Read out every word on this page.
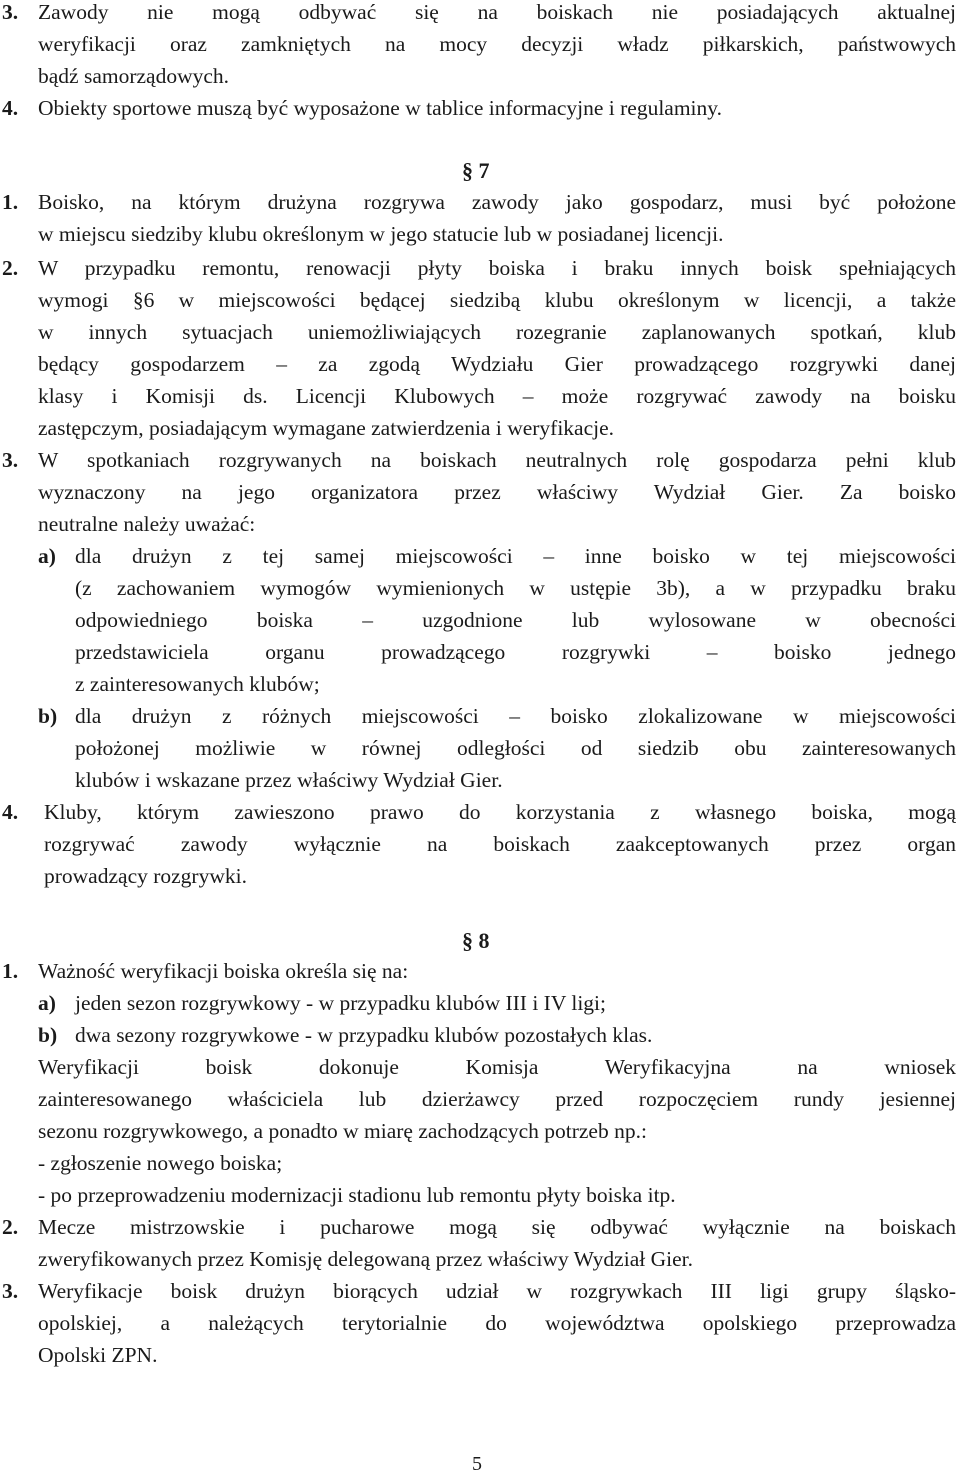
3. Zawody nie mogą odbywać się na boiskach nie posiadających aktualnej
weryfikacji oraz zamkniętych na mocy decyzji władz piłkarskich, państwowych
bądź samorządowych.
4. Obiekty sportowe muszą być wyposażone w tablice informacyjne i regulaminy.
§ 7
1. Boisko, na którym drużyna rozgrywa zawody jako gospodarz, musi być położone
w miejscu siedziby klubu określonym w jego statucie lub w posiadanej licencji.
2. W przypadku remontu, renowacji płyty boiska i braku innych boisk spełniających
wymogi §6 w miejscowości będącej siedzibą klubu określonym w licencji, a także
w innych sytuacjach uniemożliwiających rozegranie zaplanowanych spotkań, klub
będący gospodarzem – za zgodą Wydziału Gier prowadzącego rozgrywki danej
klasy i Komisji ds. Licencji Klubowych – może rozgrywać zawody na boisku
zastępczym, posiadającym wymagane zatwierdzenia i weryfikacje.
3. W spotkaniach rozgrywanych na boiskach neutralnych rolę gospodarza pełni klub
wyznaczony na jego organizatora przez właściwy Wydział Gier. Za boisko
neutralne należy uważać:
a) dla drużyn z tej samej miejscowości – inne boisko w tej miejscowości
(z zachowaniem wymogów wymienionych w ustępie 3b), a w przypadku braku
odpowiedniego boiska – uzgodnione lub wylosowane w obecności
przedstawiciela organu prowadzącego rozgrywki – boisko jednego
z zainteresowanych klubów;
b) dla drużyn z różnych miejscowości – boisko zlokalizowane w miejscowości
położonej możliwie w równej odległości od siedzib obu zainteresowanych
klubów i wskazane przez właściwy Wydział Gier.
4. Kluby, którym zawieszono prawo do korzystania z własnego boiska, mogą
rozgrywać zawody wyłącznie na boiskach zaakceptowanych przez organ
prowadzący rozgrywki.
§ 8
1. Ważność weryfikacji boiska określa się na:
a) jeden sezon rozgrywkowy - w przypadku klubów III i IV ligi;
b) dwa sezony rozgrywkowe - w przypadku klubów pozostałych klas.
Weryfikacji boisk dokonuje Komisja Weryfikacyjna na wniosek
zainteresowanego właściciela lub dzierżawcy przed rozpoczęciem rundy jesiennej
sezonu rozgrywkowego, a ponadto w miarę zachodzących potrzeb np.:
- zgłoszenie nowego boiska;
- po przeprowadzeniu modernizacji stadionu lub remontu płyty boiska itp.
2. Mecze mistrzowskie i pucharowe mogą się odbywać wyłącznie na boiskach
zweryfikowanych przez Komisję delegowaną przez właściwy Wydział Gier.
3. Weryfikacje boisk drużyn biorących udział w rozgrywkach III ligi grupy śląsko-
opolskiej, a należących terytorialnie do województwa opolskiego przeprowadza
Opolski ZPN.
5
